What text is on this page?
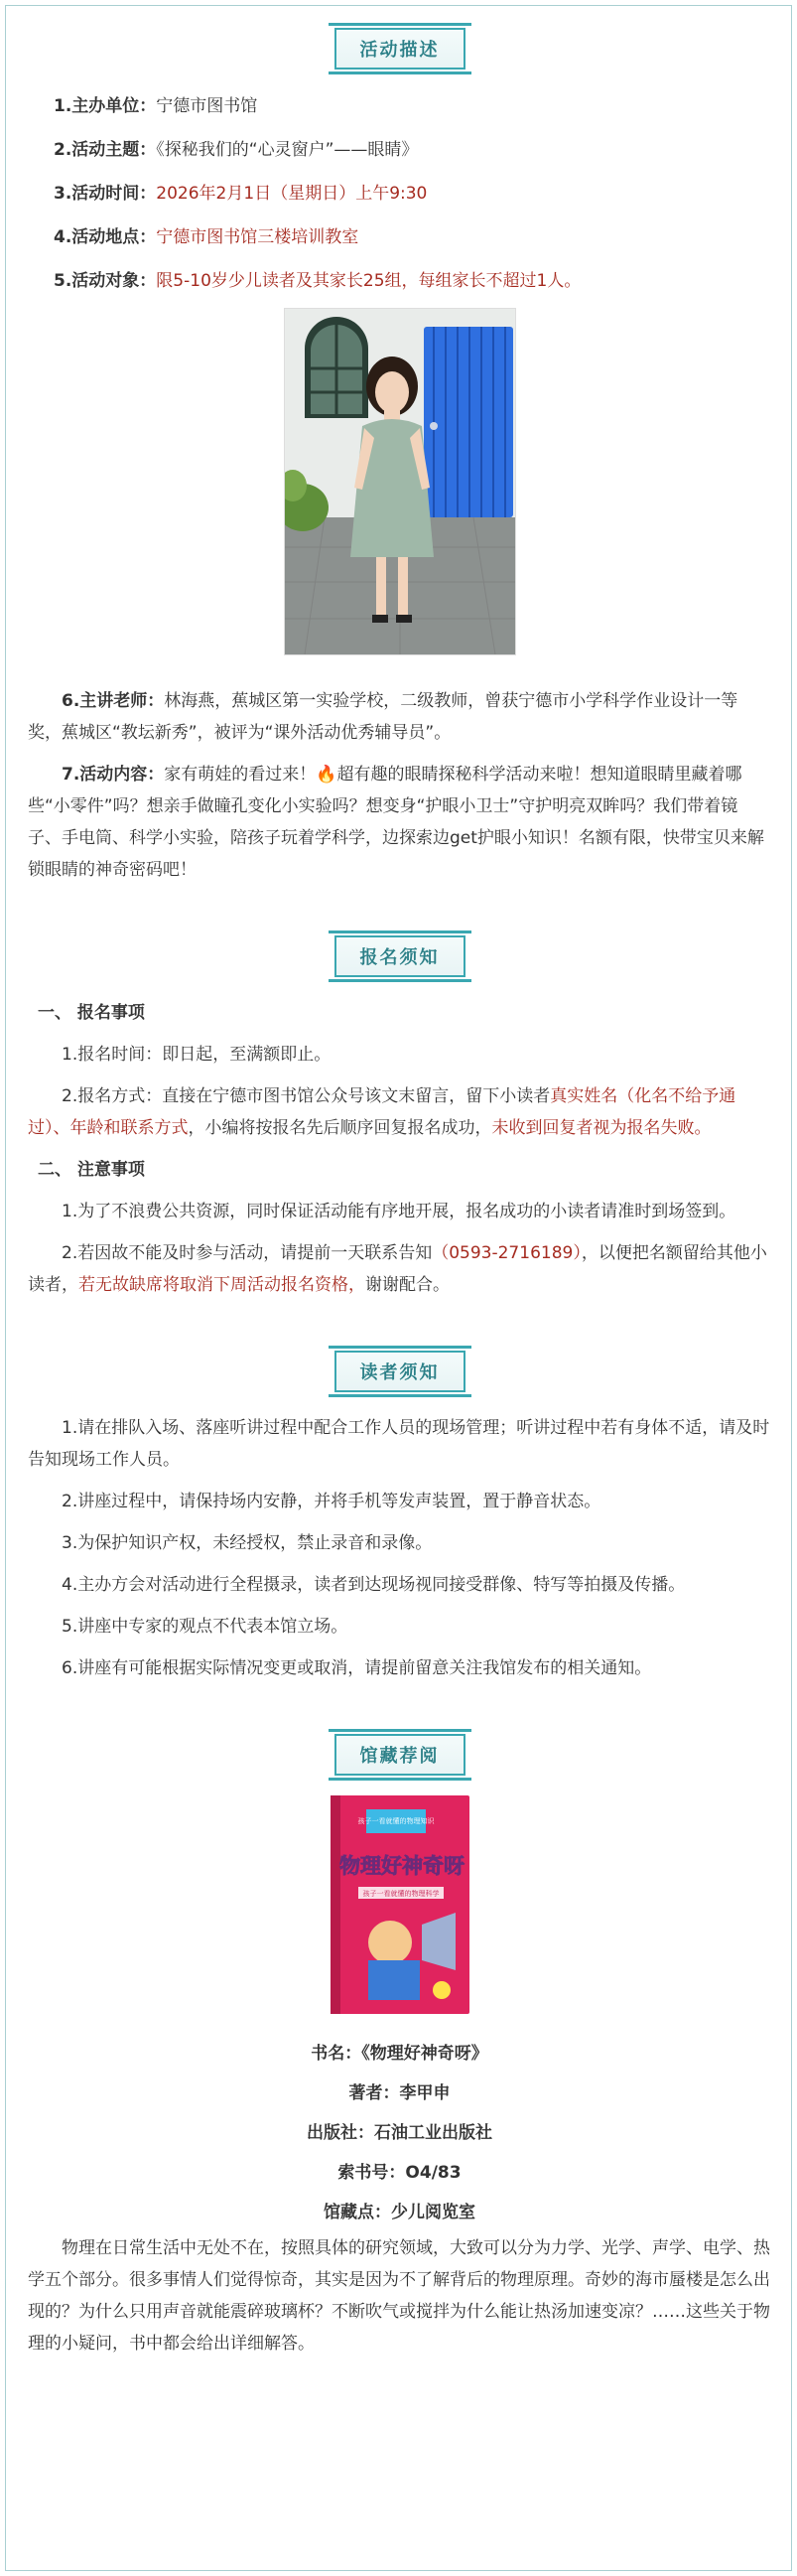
活动描述

1.主办单位：宁德市图书馆

2.活动主题：《探秘我们的“心灵窗户”——眼睛》

3.活动时间：2026年2月1日（星期日）上午9:30

4.活动地点：宁德市图书馆三楼培训教室

5.活动对象：限5-10岁少儿读者及其家长25组，每组家长不超过1人。

6.主讲老师：林海燕，蕉城区第一实验学校，二级教师，曾获宁德市小学科学作业设计一等奖，蕉城区“教坛新秀”，被评为“课外活动优秀辅导员”。

7.活动内容：家有萌娃的看过来！🔥超有趣的眼睛探秘科学活动来啦！想知道眼睛里藏着哪些“小零件”吗？想亲手做瞳孔变化小实验吗？想变身“护眼小卫士”守护明亮双眸吗？我们带着镜子、手电筒、科学小实验，陪孩子玩着学科学，边探索边get护眼小知识！名额有限，快带宝贝来解锁眼睛的神奇密码吧！

报名须知

一、 报名事项

1.报名时间：即日起，至满额即止。

2.报名方式：直接在宁德市图书馆公众号该文末留言，留下小读者真实姓名（化名不给予通过）、年龄和联系方式，小编将按报名先后顺序回复报名成功，未收到回复者视为报名失败。

二、 注意事项

1.为了不浪费公共资源，同时保证活动能有序地开展，报名成功的小读者请准时到场签到。

2.若因故不能及时参与活动，请提前一天联系告知（0593-2716189），以便把名额留给其他小读者，若无故缺席将取消下周活动报名资格，谢谢配合。

读者须知

1.请在排队入场、落座听讲过程中配合工作人员的现场管理；听讲过程中若有身体不适，请及时告知现场工作人员。

2.讲座过程中，请保持场内安静，并将手机等发声装置，置于静音状态。

3.为保护知识产权，未经授权，禁止录音和录像。

4.主办方会对活动进行全程摄录，读者到达现场视同接受群像、特写等拍摄及传播。

5.讲座中专家的观点不代表本馆立场。

6.讲座有可能根据实际情况变更或取消，请提前留意关注我馆发布的相关通知。

馆藏荐阅
孩子一看就懂的物理知识
物理好神奇呀
孩子一看就懂的物理科学

书名：《物理好神奇呀》

著者：李甲申

出版社：石油工业出版社

索书号：O4/83

馆藏点：少儿阅览室

物理在日常生活中无处不在，按照具体的研究领域，大致可以分为力学、光学、声学、电学、热学五个部分。很多事情人们觉得惊奇，其实是因为不了解背后的物理原理。奇妙的海市蜃楼是怎么出现的？为什么只用声音就能震碎玻璃杯？不断吹气或搅拌为什么能让热汤加速变凉？……这些关于物理的小疑问，书中都会给出详细解答。
